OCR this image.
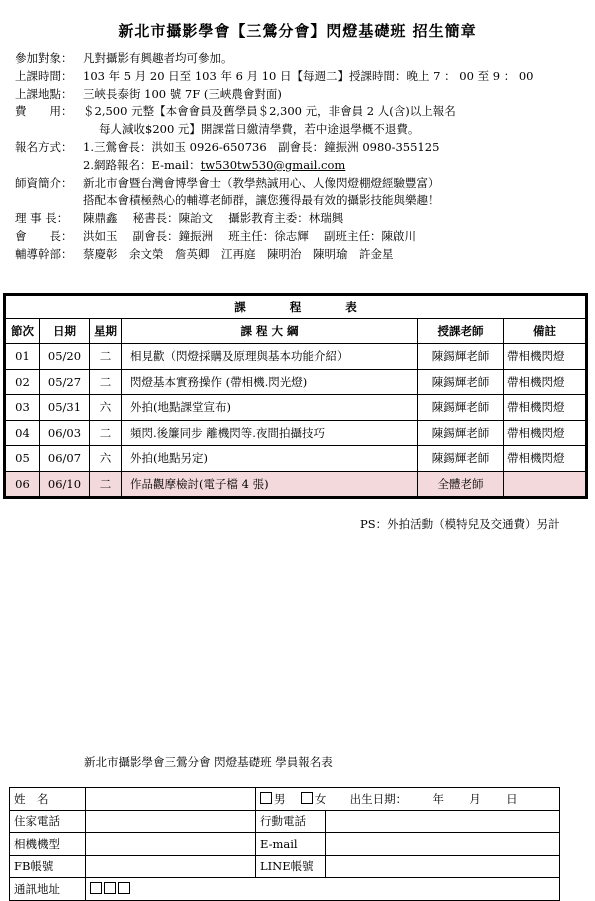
新北市攝影學會【三鶯分會】閃燈基礎班 招生簡章
參加對象： 凡對攝影有興趣者均可參加。
上課時間： 103 年 5 月 20 日至 103 年 6 月 10 日【每週二】授課時間：晚上 7 ： 00 至 9 ： 00
上課地點： 三峽長泰街 100 號 7F (三峽農會對面)
費　　用： ＄2,500 元整【本會會員及舊學員＄2,300 元，非會員 2 人(含)以上報名
每人減收$200 元】開課當日繳清學費，若中途退學概不退費。
報名方式： 1.三鶯會長：洪如玉 0926-650736　副會長：鐘振洲 0980-355125
2.網路報名：E-mail：tw530tw530@gmail.com
師資簡介： 新北市會暨台灣會博學會士（教學熱誠用心、人像閃燈棚燈經驗豐富）
搭配本會積極熱心的輔導老師群，讓您獲得最有效的攝影技能與樂趣！
理 事 長：	陳鼎鑫　 秘書長：陳詒文　 攝影教育主委：林瑞興
會　　長： 洪如玉　 副會長：鐘振洲　 班主任：徐志輝　 副班主任：陳啟川
輔導幹部： 蔡慶彰　余文榮　詹英卿　江再庭　陳明治　陳明瑜　許金星
課程表					
節次	日期	星期	課 程 大 綱	授課老師	備註
01	05/20	二	相見歡（閃燈採購及原理與基本功能介紹）	陳錫輝老師	帶相機閃燈
02	05/27	二	閃燈基本實務操作 (帶相機.閃光燈)	陳錫輝老師	帶相機閃燈
03	05/31	六	外拍(地點課堂宣布)	陳錫輝老師	帶相機閃燈
04	06/03	二	頻閃.後簾同步 離機閃等.夜間拍攝技巧	陳錫輝老師	帶相機閃燈
05	06/07	六	外拍(地點另定)	陳錫輝老師	帶相機閃燈
06	06/10	二	作品觀摩檢討(電子檔 4 張)	全體老師	
PS：外拍活動（模特兒及交通費）另計
新北市攝影學會三鶯分會 閃燈基礎班 學員報名表
姓　名		男 女 出生日期： 年 月 日	
住家電話		行動電話	
相機機型		E-mail	
FB帳號		LINE帳號	
通訊地址			
